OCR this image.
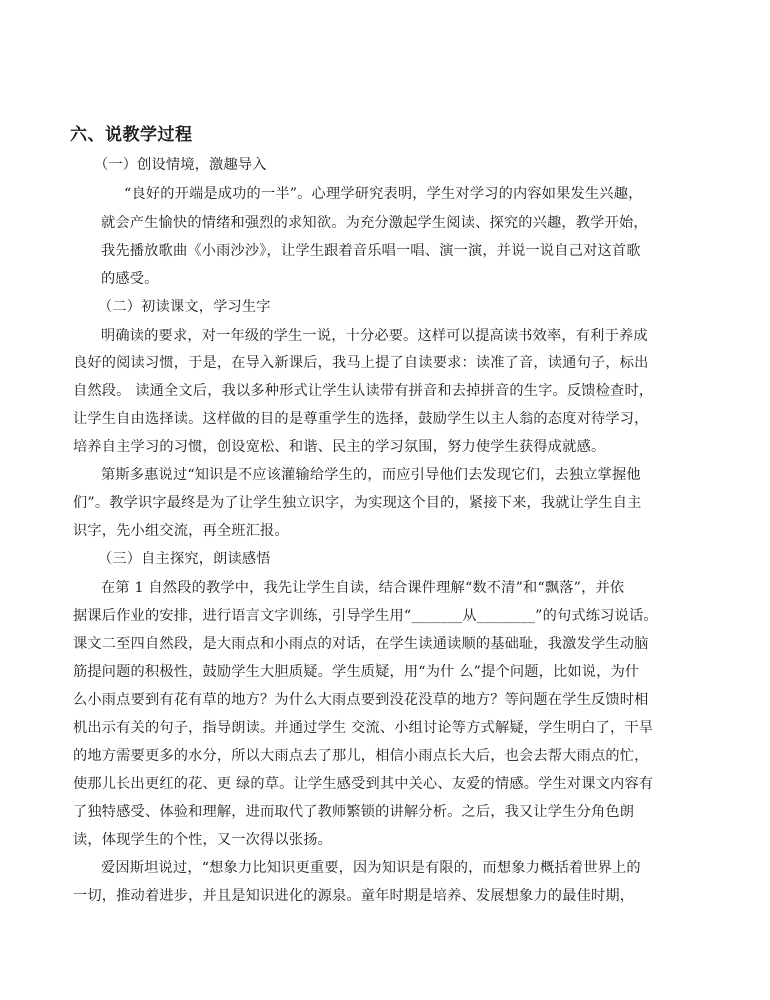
六、说教学过程
（一）创设情境，激趣导入
“良好的开端是成功的一半”。心理学研究表明，学生对学习的内容如果发生兴趣，
就会产生愉快的情绪和强烈的求知欲。为充分激起学生阅读、探究的兴趣，教学开始，
我先播放歌曲《小雨沙沙》，让学生跟着音乐唱一唱、演一演，并说一说自己对这首歌
的感受。
（二）初读课文，学习生字
明确读的要求，对一年级的学生一说，十分必要。这样可以提高读书效率，有利于养成
良好的阅读习惯，于是，在导入新课后，我马上提了自读要求：读准了音，读通句子，标出
自然段。 读通全文后，我以多种形式让学生认读带有拼音和去掉拼音的生字。反馈检查时，
让学生自由选择读。这样做的目的是尊重学生的选择，鼓励学生以主人翁的态度对待学习，
培养自主学习的习惯，创设宽松、和谐、民主的学习氛围，努力使学生获得成就感。
第斯多惠说过“知识是不应该灌输给学生的，而应引导他们去发现它们，去独立掌握他
们”。教学识字最终是为了让学生独立识字，为实现这个目的，紧接下来，我就让学生自主
识字，先小组交流，再全班汇报。
（三）自主探究，朗读感悟
在第 1 自然段的教学中，我先让学生自读，结合课件理解“数不清”和“飘落”，并依
据课后作业的安排，进行语言文字训练，引导学生用“_______从________”的句式练习说话。
课文二至四自然段，是大雨点和小雨点的对话，在学生读通读顺的基础耻，我激发学生动脑
筋提问题的积极性，鼓励学生大胆质疑。学生质疑，用“为什 么”提个问题，比如说，为什
么小雨点要到有花有草的地方？为什么大雨点要到没花没草的地方？等问题在学生反馈时相
机出示有关的句子，指导朗读。并通过学生 交流、小组讨论等方式解疑，学生明白了，干旱
的地方需要更多的水分，所以大雨点去了那儿，相信小雨点长大后，也会去帮大雨点的忙，
使那儿长出更红的花、更 绿的草。让学生感受到其中关心、友爱的情感。学生对课文内容有
了独特感受、体验和理解，进而取代了教师繁锁的讲解分析。之后，我又让学生分角色朗
读，体现学生的个性，又一次得以张扬。
爱因斯坦说过，“想象力比知识更重要，因为知识是有限的，而想象力概括着世界上的
一切，推动着进步，并且是知识进化的源泉。童年时期是培养、发展想象力的最佳时期，
